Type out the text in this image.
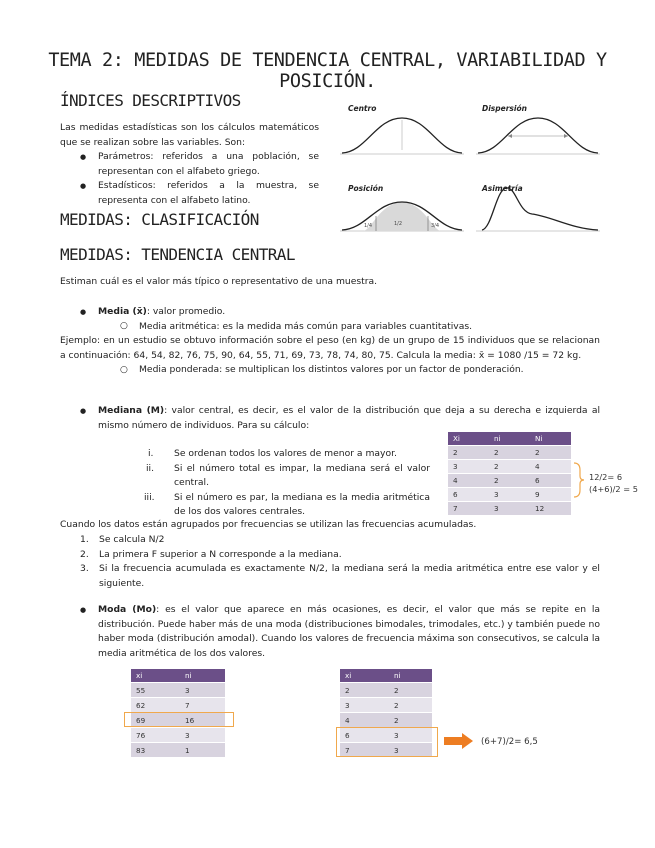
TEMA 2: MEDIDAS DE TENDENCIA CENTRAL, VARIABILIDAD Y POSICIÓN.
ÍNDICES DESCRIPTIVOS
Las medidas estadísticas son los cálculos matemáticos que se realizan sobre las variables. Son:
● Parámetros: referidos a una población, se representan con el alfabeto griego.
● Estadísticos: referidos a la muestra, se representa con el alfabeto latino.
Centro	Dispersión
Posición	Asimetría
1/4	1/2	3/4
MEDIDAS: CLASIFICACIÓN
MEDIDAS: TENDENCIA CENTRAL
Estiman cuál es el valor más típico o representativo de una muestra.
● Media (x̄): valor promedio.
○ Media aritmética: es la medida más común para variables cuantitativas.
Ejemplo: en un estudio se obtuvo información sobre el peso (en kg) de un grupo de 15 individuos que se relacionan a continuación: 64, 54, 82, 76, 75, 90, 64, 55, 71, 69, 73, 78, 74, 80, 75. Calcula la media: x̄ = 1080 /15 = 72 kg.
○ Media ponderada: se multiplican los distintos valores por un factor de ponderación.
● Mediana (M): valor central, es decir, es el valor de la distribución que deja a su derecha e izquierda al mismo número de individuos. Para su cálculo:
i. Se ordenan todos los valores de menor a mayor.
ii. Si el número total es impar, la mediana será el valor central.
iii. Si el número es par, la mediana es la media aritmética de los dos valores centrales.
Xi	ni	Ni
2	2	2
3	2	4
4	2	6
6	3	9
7	3	12
12/2= 6
(4+6)/2 = 5
Cuando los datos están agrupados por frecuencias se utilizan las frecuencias acumuladas.
1. Se calcula N/2
2. La primera F superior a N corresponde a la mediana.
3. Si la frecuencia acumulada es exactamente N/2, la mediana será la media aritmética entre ese valor y el siguiente.
● Moda (Mo): es el valor que aparece en más ocasiones, es decir, el valor que más se repite en la distribución. Puede haber más de una moda (distribuciones bimodales, trimodales, etc.) y también puede no haber moda (distribución amodal). Cuando los valores de frecuencia máxima son consecutivos, se calcula la media aritmética de los dos valores.
xi	ni
55	3
62	7
69	16
76	3
83	1
xi	ni
2	2
3	2
4	2
6	3
7	3
(6+7)/2= 6,5
